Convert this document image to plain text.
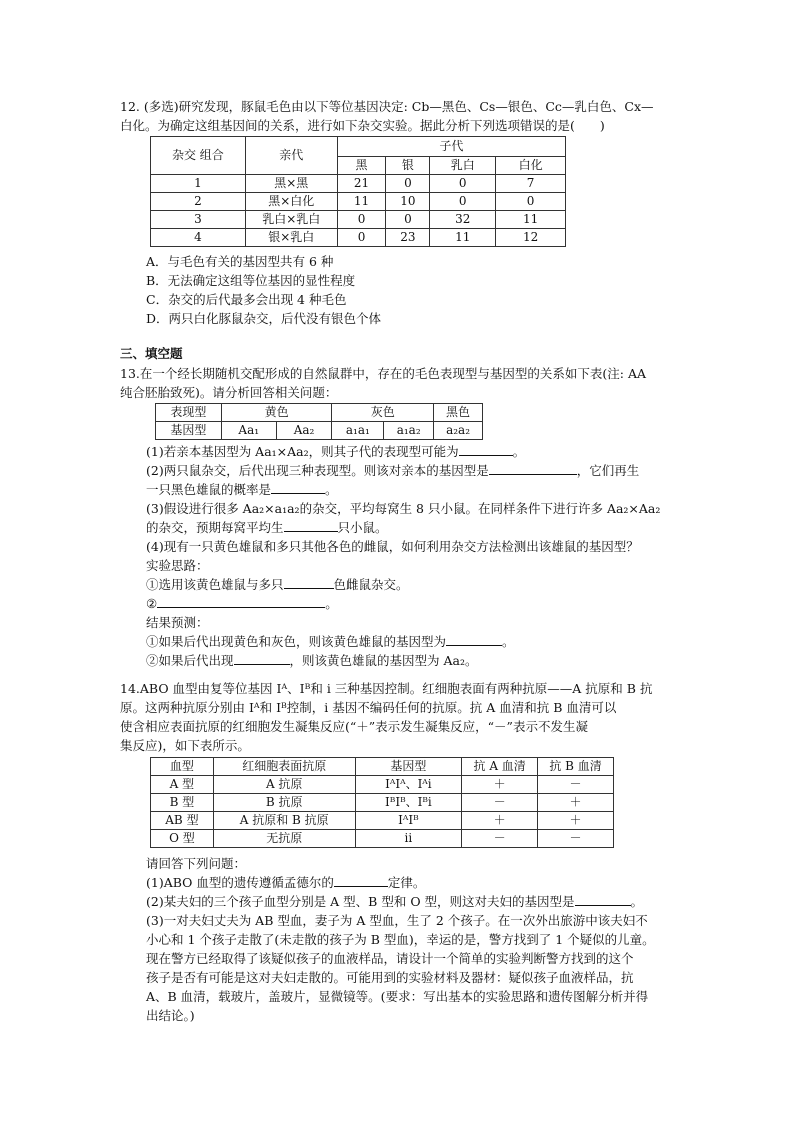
12. (多选)研究发现，豚鼠毛色由以下等位基因决定: Cb—黑色、Cs—银色、Cc—乳白色、Cx—
白化。为确定这组基因间的关系，进行如下杂交实验。据此分析下列选项错误的是(　　)
杂交 组合	亲代	子代			
		黑	银	乳白	白化
1	黑×黑	21	0	0	7
2	黑×白化	11	10	0	0
3	乳白×乳白	0	0	32	11
4	银×乳白	0	23	11	12
A．与毛色有关的基因型共有 6 种
B．无法确定这组等位基因的显性程度
C．杂交的后代最多会出现 4 种毛色
D．两只白化豚鼠杂交，后代没有银色个体
三、填空题
13.在一个经长期随机交配形成的自然鼠群中，存在的毛色表现型与基因型的关系如下表(注: AA
纯合胚胎致死)。请分析回答相关问题：
表现型	黄色		灰色		黑色
基因型	Aa₁	Aa₂	a₁a₁	a₁a₂	a₂a₂
(1)若亲本基因型为 Aa₁×Aa₂，则其子代的表现型可能为	。
(2)两只鼠杂交，后代出现三种表现型。则该对亲本的基因型是	，它们再生
一只黑色雄鼠的概率是	。
(3)假设进行很多 Aa₂×a₁a₂的杂交，平均每窝生 8 只小鼠。在同样条件下进行许多 Aa₂×Aa₂
的杂交，预期每窝平均生	只小鼠。
(4)现有一只黄色雄鼠和多只其他各色的雌鼠，如何利用杂交方法检测出该雄鼠的基因型？
实验思路：
①选用该黄色雄鼠与多只	色雌鼠杂交。
②	。
结果预测：
①如果后代出现黄色和灰色，则该黄色雄鼠的基因型为	。
②如果后代出现	，则该黄色雄鼠的基因型为 Aa₂。
14.ABO 血型由复等位基因 Iᴬ、Iᴮ和 i 三种基因控制。红细胞表面有两种抗原——A 抗原和 B 抗
原。这两种抗原分别由 Iᴬ和 Iᴮ控制，i 基因不编码任何的抗原。抗 A 血清和抗 B 血清可以
使含相应表面抗原的红细胞发生凝集反应(“＋”表示发生凝集反应，“－”表示不发生凝
集反应)，如下表所示。
血型	红细胞表面抗原	基因型	抗 A 血清	抗 B 血清
A 型	A 抗原	IᴬIᴬ、Iᴬi	＋	－
B 型	B 抗原	IᴮIᴮ、Iᴮi	－	＋
AB 型	A 抗原和 B 抗原	IᴬIᴮ	＋	＋
O 型	无抗原	ii	－	－
请回答下列问题：
(1)ABO 血型的遗传遵循孟德尔的	定律。
(2)某夫妇的三个孩子血型分别是 A 型、B 型和 O 型，则这对夫妇的基因型是	。
(3)一对夫妇丈夫为 AB 型血，妻子为 A 型血，生了 2 个孩子。在一次外出旅游中该夫妇不
小心和 1 个孩子走散了(未走散的孩子为 B 型血)，幸运的是，警方找到了 1 个疑似的儿童。
现在警方已经取得了该疑似孩子的血液样品，请设计一个简单的实验判断警方找到的这个
孩子是否有可能是这对夫妇走散的。可能用到的实验材料及器材：疑似孩子血液样品，抗
A、B 血清，载玻片，盖玻片，显微镜等。(要求：写出基本的实验思路和遗传图解分析并得
出结论。)
